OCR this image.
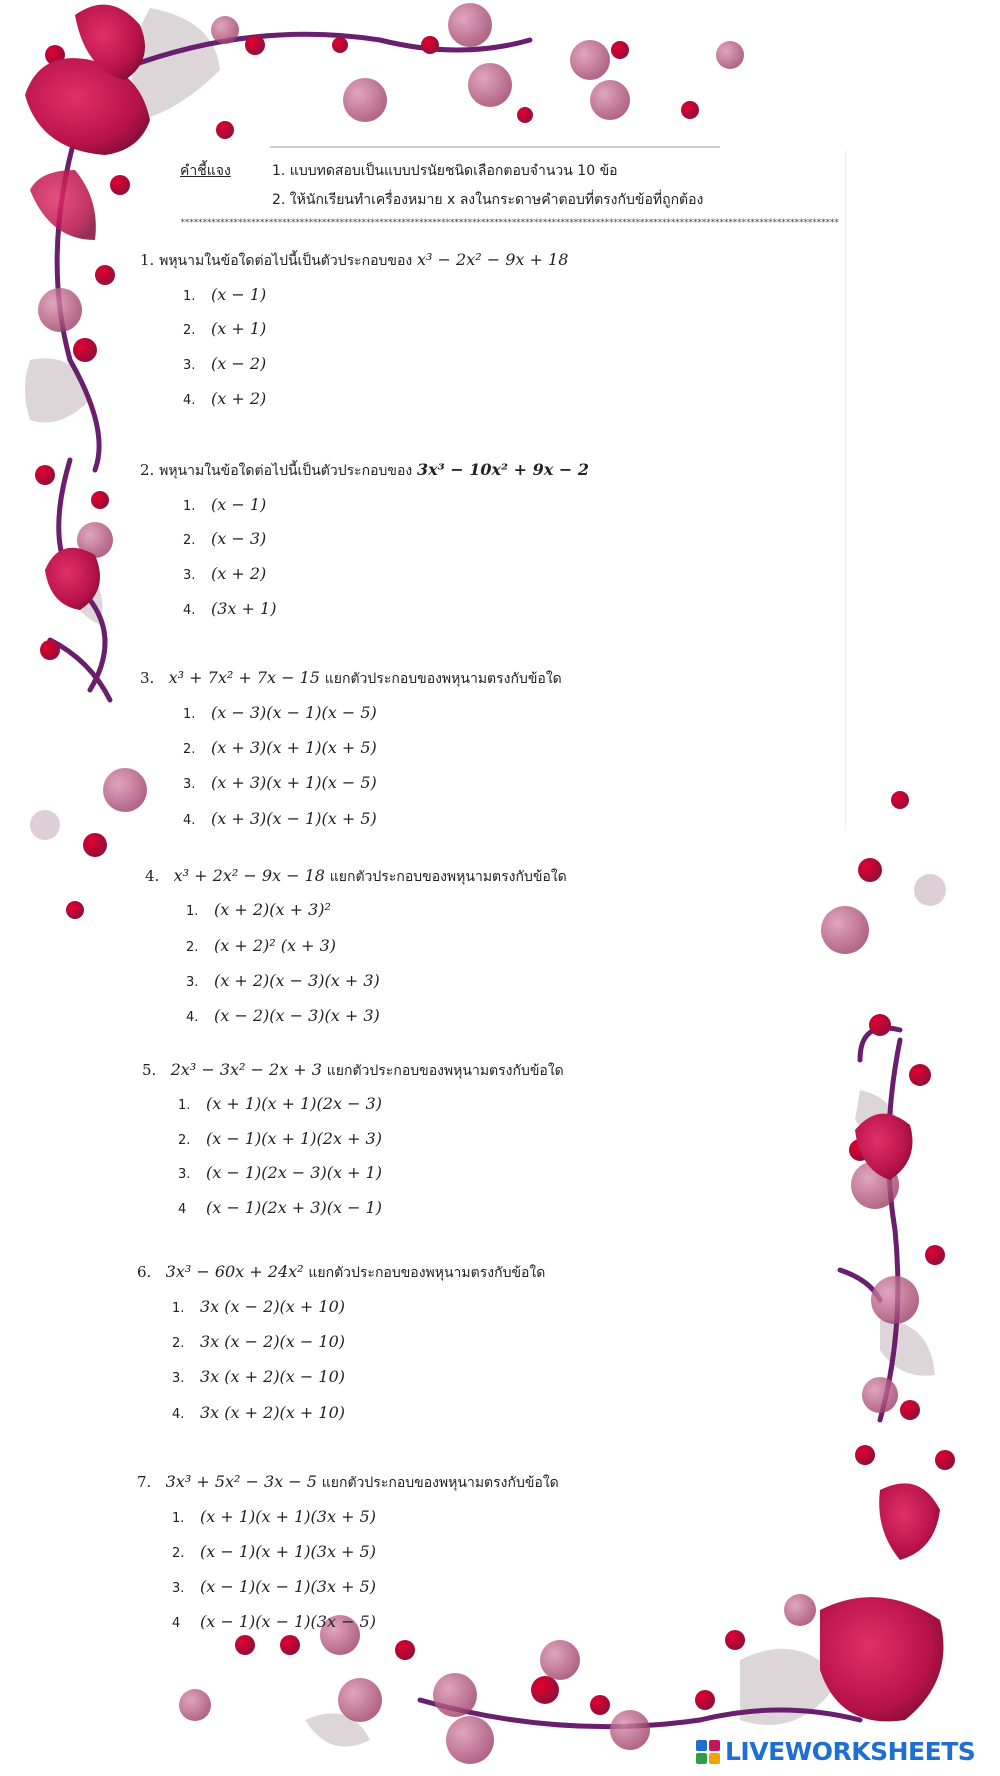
คำชี้แจง	1. แบบทดสอบเป็นแบบปรนัยชนิดเลือกตอบจำนวน 10 ข้อ
2. ให้นักเรียนทำเครื่องหมาย x ลงในกระดาษคำตอบที่ตรงกับข้อที่ถูกต้อง
*****************************************************************************************************************************************************
1. พหุนามในข้อใดต่อไปนี้เป็นตัวประกอบของ x³ − 2x² − 9x + 18
1. (x − 1)
2. (x + 1)
3. (x − 2)
4. (x + 2)
2. พหุนามในข้อใดต่อไปนี้เป็นตัวประกอบของ 3x³ − 10x² + 9x − 2
1. (x − 1)
2. (x − 3)
3. (x + 2)
4. (3x + 1)
3. x³ + 7x² + 7x − 15 แยกตัวประกอบของพหุนามตรงกับข้อใด
1. (x − 3)(x − 1)(x − 5)
2. (x + 3)(x + 1)(x + 5)
3. (x + 3)(x + 1)(x − 5)
4. (x + 3)(x − 1)(x + 5)
4. x³ + 2x² − 9x − 18 แยกตัวประกอบของพหุนามตรงกับข้อใด
1. (x + 2)(x + 3)²
2. (x + 2)² (x + 3)
3. (x + 2)(x − 3)(x + 3)
4. (x − 2)(x − 3)(x + 3)
5. 2x³ − 3x² − 2x + 3 แยกตัวประกอบของพหุนามตรงกับข้อใด
1. (x + 1)(x + 1)(2x − 3)
2. (x − 1)(x + 1)(2x + 3)
3. (x − 1)(2x − 3)(x + 1)
4 (x − 1)(2x + 3)(x − 1)
6. 3x³ − 60x + 24x² แยกตัวประกอบของพหุนามตรงกับข้อใด
1. 3x (x − 2)(x + 10)
2. 3x (x − 2)(x − 10)
3. 3x (x + 2)(x − 10)
4. 3x (x + 2)(x + 10)
7. 3x³ + 5x² − 3x − 5 แยกตัวประกอบของพหุนามตรงกับข้อใด
1. (x + 1)(x + 1)(3x + 5)
2. (x − 1)(x + 1)(3x + 5)
3. (x − 1)(x − 1)(3x + 5)
4 (x − 1)(x − 1)(3x − 5)
LIVEWORKSHEETS
